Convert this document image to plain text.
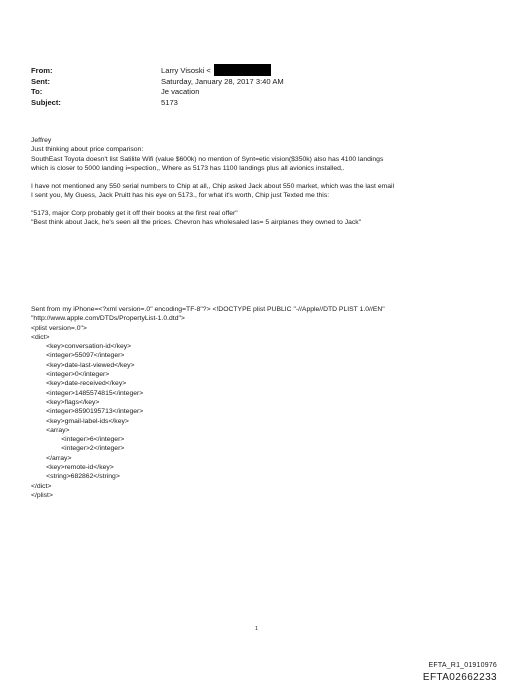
From:	Larry Visoski <
Sent:	Saturday, January 28, 2017 3:40 AM
To:	Je vacation
Subject:	5173

Jeffrey

Just thinking about price comparison:

SouthEast Toyota doesn't list Satilite Wifi (value $600k) no mention of Synt=etic vision($350k) also has 4100 landings

which is closer to 5000 landing i=spection,, Where as 5173 has 1100 landings plus all avionics installed,.

I have not mentioned any 550 serial numbers to Chip at all,, Chip asked Jack about 550 market, which was the last email

I sent you, My Guess, Jack Pruitt has his eye on 5173., for what it's worth, Chip just Texted me this:

"5173, major Corp probably get it off their books at the first real offer"

"Best think about Jack, he's seen all the prices. Chevron has wholesaled las= 5 airplanes they owned to Jack"

Sent from my iPhone=<?xml version=.0" encoding=TF-8"?> <!DOCTYPE plist PUBLIC "-//Apple//DTD PLIST 1.0//EN"
"http://www.apple.com/DTDs/PropertyList-1.0.dtd">
<plist version=.0">
<dict>
<key>conversation-id</key>
<integer>55097</integer>
<key>date-last-viewed</key>
<integer>0</integer>
<key>date-received</key>
<integer>1485574815</integer>
<key>flags</key>
<integer>8590195713</integer>
<key>gmail-label-ids</key>
<array>
<integer>6</integer>
<integer>2</integer>
</array>
<key>remote-id</key>
<string>682862</string>
</dict>
</plist>
1
EFTA_R1_01910976
EFTA02662233
